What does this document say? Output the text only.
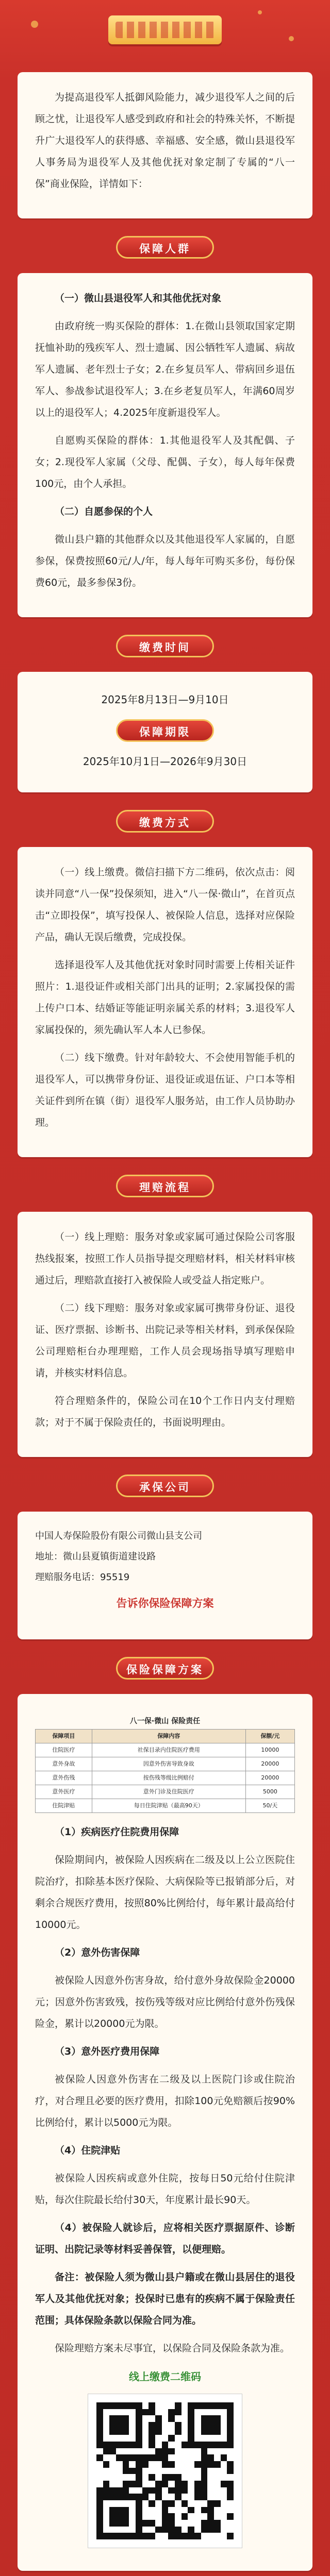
为提高退役军人抵御风险能力，减少退役军人之间的后顾之忧，让退役军人感受到政府和社会的特殊关怀，不断提升广大退役军人的获得感、幸福感、安全感，微山县退役军人事务局为退役军人及其他优抚对象定制了专属的“八一保”商业保险，详情如下：

保障人群

（一）微山县退役军人和其他优抚对象

由政府统一购买保险的群体：1.在微山县领取国家定期抚恤补助的残疾军人、烈士遗属、因公牺牲军人遗属、病故军人遗属、老年烈士子女；2.在乡复员军人、带病回乡退伍军人、参战参试退役军人；3.在乡老复员军人，年满60周岁以上的退役军人；4.2025年度新退役军人。

自愿购买保险的群体：1.其他退役军人及其配偶、子女；2.现役军人家属（父母、配偶、子女），每人每年保费100元，由个人承担。

（二）自愿参保的个人

微山县户籍的其他群众以及其他退役军人家属的，自愿参保，保费按照60元/人/年，每人每年可购买多份，每份保费60元，最多参保3份。

缴费时间

2025年8月13日—9月10日

保障期限

2025年10月1日—2026年9月30日

缴费方式

（一）线上缴费。微信扫描下方二维码，依次点击：阅读并同意“八一保”投保须知，进入“八一保·微山”，在首页点击“立即投保”，填写投保人、被保险人信息，选择对应保险产品，确认无误后缴费，完成投保。

选择退役军人及其他优抚对象时同时需要上传相关证件照片：1.退役证件或相关部门出具的证明；2.家属投保的需上传户口本、结婚证等能证明亲属关系的材料；3.退役军人家属投保的，须先确认军人本人已参保。

（二）线下缴费。针对年龄较大、不会使用智能手机的退役军人，可以携带身份证、退役证或退伍证、户口本等相关证件到所在镇（街）退役军人服务站，由工作人员协助办理。

理赔流程

（一）线上理赔：服务对象或家属可通过保险公司客服热线报案，按照工作人员指导提交理赔材料，相关材料审核通过后，理赔款直接打入被保险人或受益人指定账户。

（二）线下理赔：服务对象或家属可携带身份证、退役证、医疗票据、诊断书、出院记录等相关材料，到承保保险公司理赔柜台办理理赔，工作人员会现场指导填写理赔申请，并核实材料信息。

符合理赔条件的，保险公司在10个工作日内支付理赔款；对于不属于保险责任的，书面说明理由。

承保公司

中国人寿保险股份有限公司微山县支公司

地址：微山县夏镇街道建设路

理赔服务电话：95519

告诉你保险保障方案
保险保障方案
八一保·微山 保险责任
保障项目	保障内容	保额/元
住院医疗	社保目录内住院医疗费用	10000
意外身故	因意外伤害导致身故	20000
意外伤残	按伤残等级比例赔付	20000
意外医疗	意外门诊及住院医疗	5000
住院津贴	每日住院津贴（最高90天）	50/天

（1）疾病医疗住院费用保障

保险期间内，被保险人因疾病在二级及以上公立医院住院治疗，扣除基本医疗保险、大病保险等已报销部分后，对剩余合规医疗费用，按照80%比例给付，每年累计最高给付10000元。

（2）意外伤害保障

被保险人因意外伤害身故，给付意外身故保险金20000元；因意外伤害致残，按伤残等级对应比例给付意外伤残保险金，累计以20000元为限。

（3）意外医疗费用保障

被保险人因意外伤害在二级及以上医院门诊或住院治疗，对合理且必要的医疗费用，扣除100元免赔额后按90%比例给付，累计以5000元为限。

（4）住院津贴

被保险人因疾病或意外住院，按每日50元给付住院津贴，每次住院最长给付30天，年度累计最长90天。

（4）被保险人就诊后，应将相关医疗票据原件、诊断证明、出院记录等材料妥善保管，以便理赔。

备注：被保险人须为微山县户籍或在微山县居住的退役军人及其他优抚对象；投保时已患有的疾病不属于保险责任范围；具体保险条款以保险合同为准。

保险理赔方案未尽事宜，以保险合同及保险条款为准。

线上缴费二维码
